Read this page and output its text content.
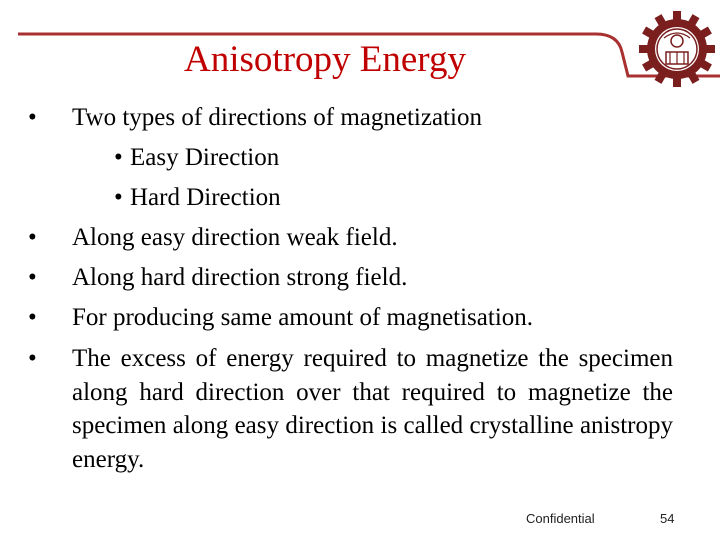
Anisotropy Energy
• Two types of directions of magnetization
• Easy Direction
• Hard Direction
• Along easy direction weak field.
• Along hard direction strong field.
• For producing same amount of magnetisation.
• The excess of energy required to magnetize the specimen along hard direction over that required to magnetize the specimen along easy direction is called crystalline anistropy energy.
Confidential	54
